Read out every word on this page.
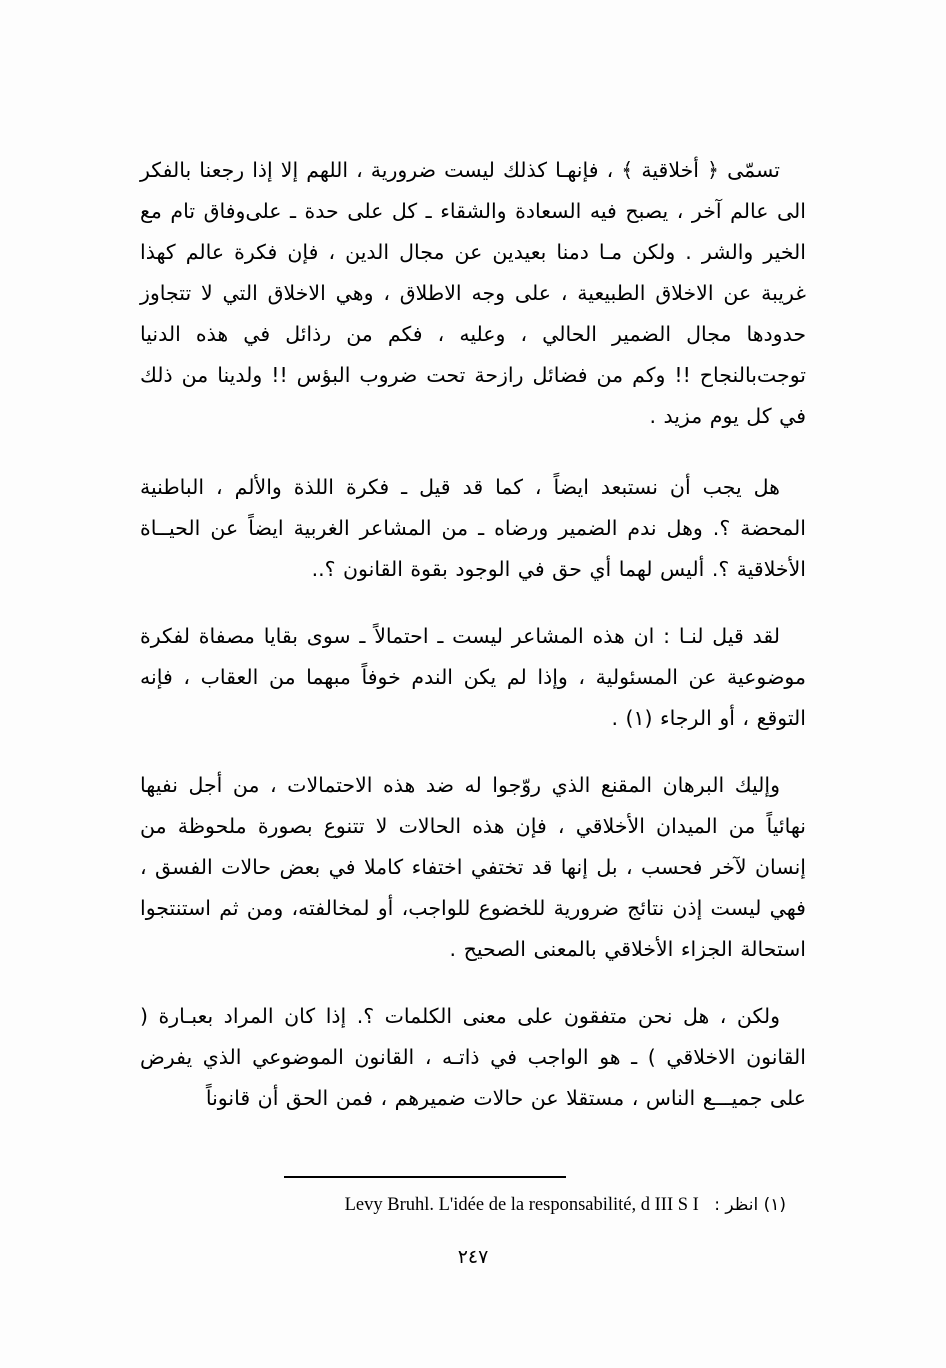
تسمّى ﴿ أخلاقية ﴾ ، فإنهـا كذلك ليست ضرورية ، اللهم إلا إذا رجعنا بالفكر الى عالم آخر ، يصبح فيه السعادة والشقاء ـ كل على حدة ـ على‌وفاق تام مع الخير والشر . ولكن مـا دمنا بعيدين عن مجال الدين ، فإن فكرة عالم كهذا غريبة عن الاخلاق الطبيعية ، على وجه الاطلاق ، وهي الاخلاق التي لا تتجاوز حدودها مجال الضمير الحالي ، وعليه ، فكم من رذائل في هذه الدنيا توجت‌بالنجاح !! وكم من فضائل رازحة تحت ضروب البؤس !! ولدينا من ذلك في كل يوم مزيد .

هل يجب أن نستبعد ايضاً ، كما قد قيل ـ فكرة اللذة والألم ، الباطنية المحضة ؟. وهل ندم الضمير ورضاه ـ من المشاعر الغربية ايضاً عن الحيــاة الأخلاقية ؟. أليس لهما أي حق في الوجود بقوة القانون ؟..

لقد قيل لنـا : ان هذه المشاعر ليست ـ احتمالاً ـ سوى بقايا مصفاة لفكرة موضوعية عن المسئولية ، وإذا لم يكن الندم خوفاً مبهما من العقاب ، فإنه التوقع ، أو الرجاء (١) .

وإليك البرهان المقنع الذي روّجوا له ضد هذه الاحتمالات ، من أجل نفيها نهائياً من الميدان الأخلاقي ، فإن هذه الحالات لا تتنوع بصورة ملحوظة من إنسان لآخر فحسب ، بل إنها قد تختفي اختفاء كاملا في بعض حالات الفسق ، فهي ليست إذن نتائج ضرورية للخضوع للواجب، أو لمخالفته، ومن ثم استنتجوا استحالة الجزاء الأخلاقي بالمعنى الصحيح .

ولكن ، هل نحن متفقون على معنى الكلمات ؟. إذا كان المراد بعبـارة ( القانون الاخلاقي ) ـ هو الواجب في ذاتـه ، القانون الموضوعي الذي يفرض على جميـــع الناس ، مستقلا عن حالات ضميرهم ، فمن الحق أن قانوناً

(١) انظر : Levy Bruhl. L'idée de la responsabilité, d III S I
٢٤٧
